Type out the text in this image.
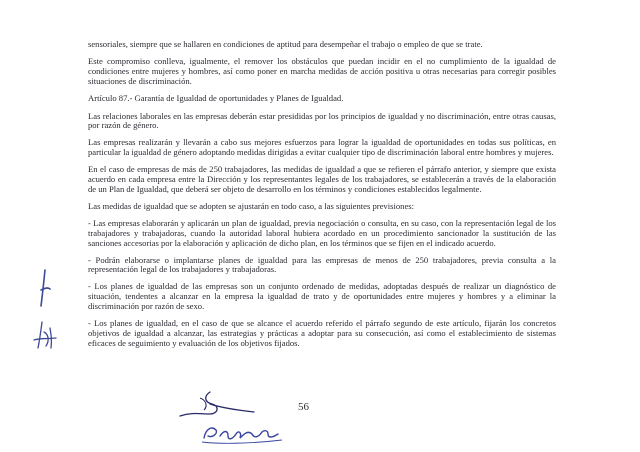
sensoriales, siempre que se hallaren en condiciones de aptitud para desempeñar el trabajo o empleo de que se trate.

Este compromiso conlleva, igualmente, el remover los obstáculos que puedan incidir en el no cumplimiento de la igualdad de condiciones entre mujeres y hombres, así como poner en marcha medidas de acción positiva u otras necesarias para corregir posibles situaciones de discriminación.

Artículo 87.- Garantía de Igualdad de oportunidades y Planes de Igualdad.

Las relaciones laborales en las empresas deberán estar presididas por los principios de igualdad y no discriminación, entre otras causas, por razón de género.

Las empresas realizarán y llevarán a cabo sus mejores esfuerzos para lograr la igualdad de oportunidades en todas sus políticas, en particular la igualdad de género adoptando medidas dirigidas a evitar cualquier tipo de discriminación laboral entre hombres y mujeres.

En el caso de empresas de más de 250 trabajadores, las medidas de igualdad a que se refieren el párrafo anterior, y siempre que exista acuerdo en cada empresa entre la Dirección y los representantes legales de los trabajadores, se establecerán a través de la elaboración de un Plan de Igualdad, que deberá ser objeto de desarrollo en los términos y condiciones establecidos legalmente.

Las medidas de igualdad que se adopten se ajustarán en todo caso, a las siguientes previsiones:

- Las empresas elaborarán y aplicarán un plan de igualdad, previa negociación o consulta, en su caso, con la representación legal de los trabajadores y trabajadoras, cuando la autoridad laboral hubiera acordado en un procedimiento sancionador la sustitución de las sanciones accesorias por la elaboración y aplicación de dicho plan, en los términos que se fijen en el indicado acuerdo.

- Podrán elaborarse o implantarse planes de igualdad para las empresas de menos de 250 trabajadores, previa consulta a la representación legal de los trabajadores y trabajadoras.

- Los planes de igualdad de las empresas son un conjunto ordenado de medidas, adoptadas después de realizar un diagnóstico de situación, tendentes a alcanzar en la empresa la igualdad de trato y de oportunidades entre mujeres y hombres y a eliminar la discriminación por razón de sexo.

- Los planes de igualdad, en el caso de que se alcance el acuerdo referido el párrafo segundo de este artículo, fijarán los concretos objetivos de igualdad a alcanzar, las estrategias y prácticas a adoptar para su consecución, así como el establecimiento de sistemas eficaces de seguimiento y evaluación de los objetivos fijados.

56
